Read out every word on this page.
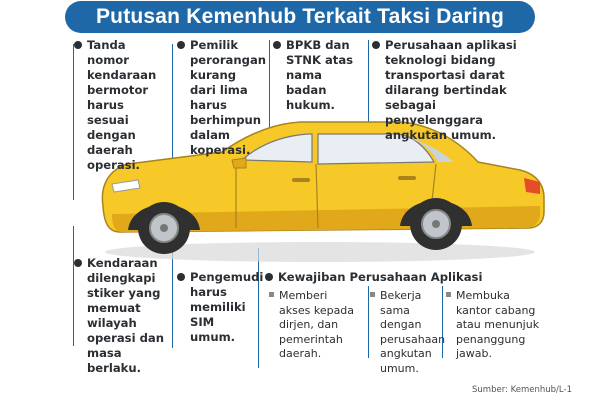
Putusan Kemenhub Terkait Taksi Daring
Tanda nomor kendaraan bermotor harus sesuai dengan daerah operasi.
Pemilik perorangan kurang dari lima harus berhimpun dalam koperasi.
BPKB dan STNK atas nama badan hukum.
Perusahaan aplikasi teknologi bidang transportasi darat dilarang bertindak sebagai penyelenggara angkutan umum.
Kendaraan dilengkapi stiker yang memuat wilayah operasi dan masa berlaku.
Pengemudi harus memiliki SIM umum.
Kewajiban Perusahaan Aplikasi
Memberi akses kepada dirjen, dan pemerintah daerah.
Bekerja sama dengan perusahaan angkutan umum.
Membuka kantor cabang atau menunjuk penanggung jawab.
Sumber: Kemenhub/L-1
